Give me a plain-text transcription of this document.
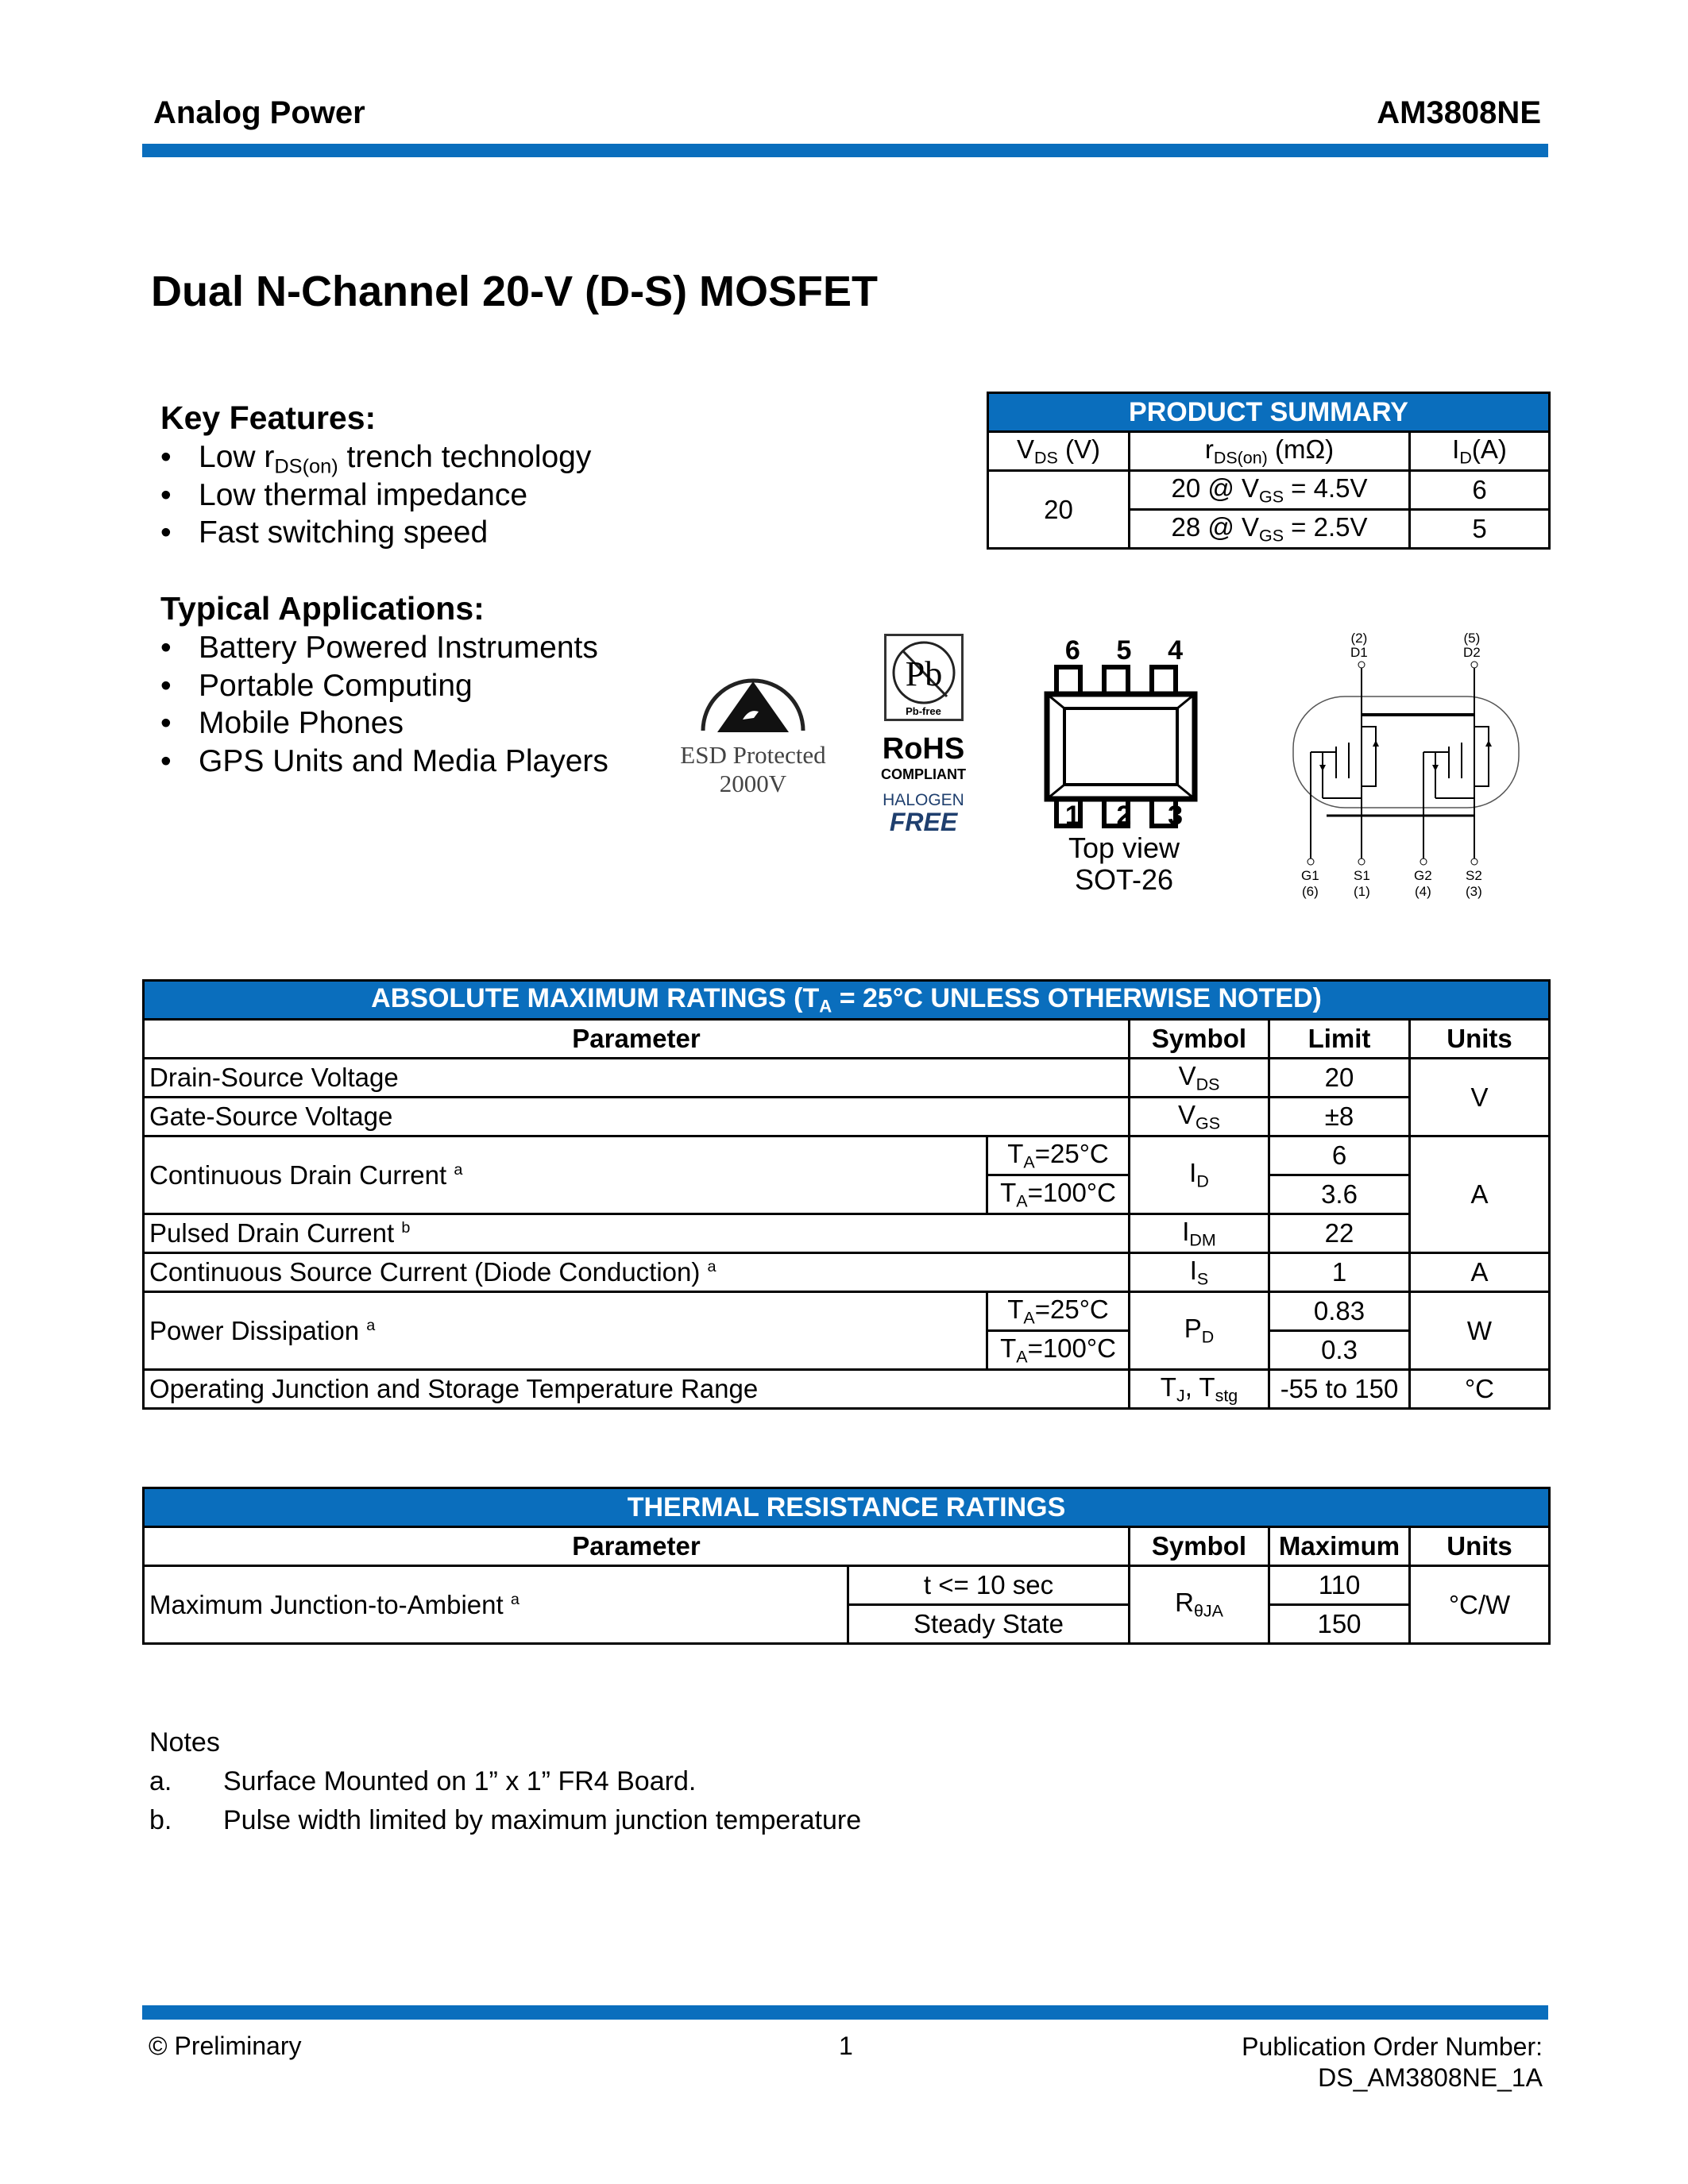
Analog Power	AM3808NE
Dual N-Channel 20-V (D-S) MOSFET
Key Features:
• Low $r_{DS(on)}$ trench technology
• Low thermal impedance
• Fast switching speed
Typical Applications:
• Battery Powered Instruments
• Portable Computing
• Mobile Phones
• GPS Units and Media Players
PRODUCT SUMMARY		
$V_{DS}$ (V)	$r_{DS(on)}$ (mΩ)	$I_D(A)$
20	20 @ $V_{GS} = 4.5V$	6
	28 @ $V_{GS} = 2.5V$	5
ESD Protected
2000V
Pb
Pb-free
RoHS
COMPLIANT
HALOGEN
FREE
6 5 4
1 2 3
Top view
SOT-26
(2)
D1
(5)
D2
G1
(6)
S1
(1)
G2
(4)
S2
(3)
ABSOLUTE MAXIMUM RATINGS ($T_A = 25^\circ C$ UNLESS OTHERWISE NOTED)				
Parameter		Symbol	Limit	Units
Drain-Source Voltage		$V_{DS}$	20	V
Gate-Source Voltage		$V_{GS}$	±8	
Continuous Drain Current $^a$	$T_A=25^\circ C$	$I_D$	6	A
	$T_A=100^\circ C$		3.6	
Pulsed Drain Current $^b$		$I_{DM}$	22	
Continuous Source Current (Diode Conduction) $^a$		$I_S$	1	A
Power Dissipation $^a$	$T_A=25^\circ C$	$P_D$	0.83	W
	$T_A=100^\circ C$		0.3	
Operating Junction and Storage Temperature Range		$T_J$, $T_{stg}$	-55 to 150	°C
THERMAL RESISTANCE RATINGS				
Parameter		Symbol	Maximum	Units
Maximum Junction-to-Ambient $^a$	t <= 10 sec	$R_{\theta JA}$	110	°C/W
	Steady State		150	
Notes
a. Surface Mounted on 1” x 1” FR4 Board.
b. Pulse width limited by maximum junction temperature
© Preliminary	1	Publication Order Number:
DS_AM3808NE_1A
